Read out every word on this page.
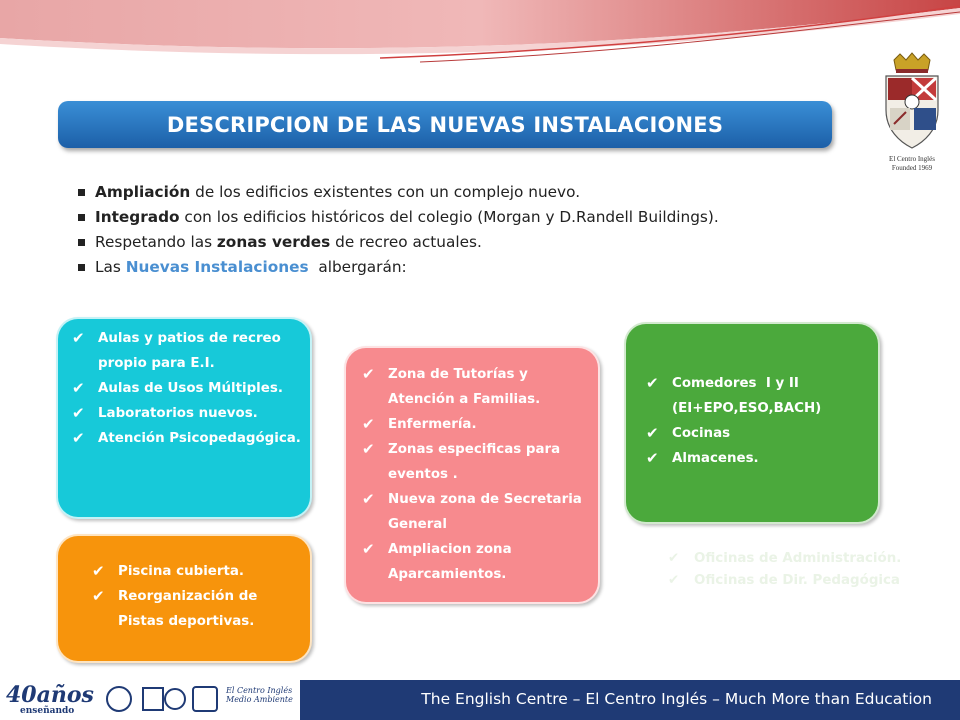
El Centro Inglés
Founded 1969
DESCRIPCION DE LAS NUEVAS INSTALACIONES
Ampliación de los edificios existentes con un complejo nuevo.
Integrado con los edificios históricos del colegio (Morgan y D.Randell Buildings).
Respetando las zonas verdes de recreo actuales.
Las Nuevas Instalaciones  albergarán:
✔ Aulas y patios de recreo propio para E.I.
✔ Aulas de Usos Múltiples.
✔ Laboratorios nuevos.
✔ Atención Psicopedagógica.
✔ Piscina cubierta.
✔ Reorganización de Pistas deportivas.
✔ Zona de Tutorías y Atención a Familias.
✔ Enfermería.
✔ Zonas especificas para eventos .
✔ Nueva zona de Secretaria General
✔ Ampliacion zona Aparcamientos.
✔ Comedores  I y II (EI+EPO,ESO,BACH)
✔ Cocinas
✔ Almacenes.
✔ Oficinas de Administración.
✔ Oficinas de Dir. Pedagógica
40años
enseñando
El Centro Inglés Medio Ambiente	The English Centre – El Centro Inglés – Much More than Education
